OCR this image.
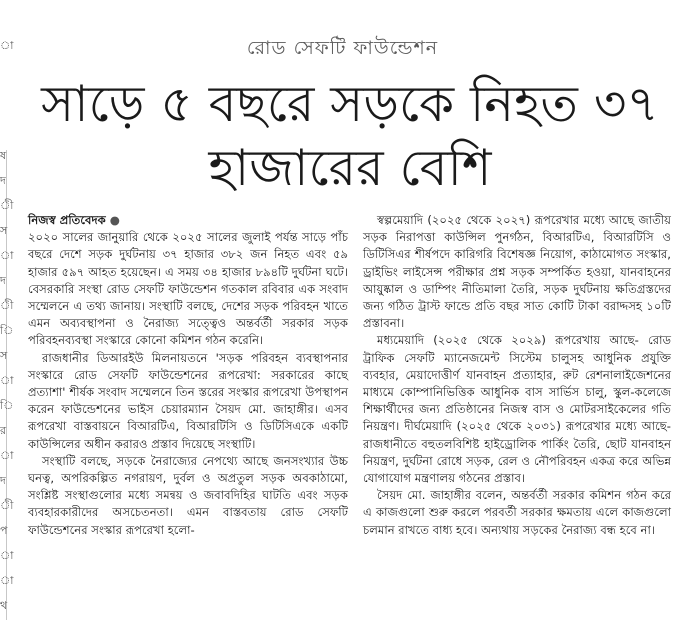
া
ষ
দ
ী
স
া
দ
ী
ি
স
া
ি
র
া
দ
ী
প
া
া
থ
রোড সেফটি ফাউন্ডেশন
সাড়ে ৫ বছরে সড়কে নিহত ৩৭ হাজারের বেশি
নিজস্ব প্রতিবেদক ●

২০২০ সালের জানুয়ারি থেকে ২০২৫ সালের জুলাই পর্যন্ত সাড়ে পাঁচ বছরে দেশে সড়ক দুর্ঘটনায় ৩৭ হাজার ৩৮২ জন নিহত এবং ৫৯ হাজার ৫৯৭ আহত হয়েছেন। এ সময় ৩৪ হাজার ৮৯৪টি দুর্ঘটনা ঘটে। বেসরকারি সংস্থা রোড সেফটি ফাউন্ডেশন গতকাল রবিবার এক সংবাদ সম্মেলনে এ তথ্য জানায়। সংস্থাটি বলছে, দেশের সড়ক পরিবহন খাতে এমন অব্যবস্থাপনা ও নৈরাজ্য সত্ত্বেও অন্তর্বর্তী সরকার সড়ক পরিবহনব্যবস্থা সংস্কারে কোনো কমিশন গঠন করেনি।

রাজধানীর ডিআরইউ মিলনায়তনে 'সড়ক পরিবহন ব্যবস্থাপনার সংস্কারে রোড সেফটি ফাউন্ডেশনের রূপরেখা: সরকারের কাছে প্রত্যাশা' শীর্ষক সংবাদ সম্মেলনে তিন স্তরের সংস্কার রূপরেখা উপস্থাপন করেন ফাউন্ডেশনের ভাইস চেয়ারম্যান সৈয়দ মো. জাহাঙ্গীর। এসব রূপরেখা বাস্তবায়নে বিআরটিএ, বিআরটিসি ও ডিটিসিএকে একটি কাউন্সিলের অধীন করারও প্রস্তাব দিয়েছে সংস্থাটি।

সংস্থাটি বলছে, সড়কে নৈরাজ্যের নেপথ্যে আছে জনসংখ্যার উচ্চ ঘনত্ব, অপরিকল্পিত নগরায়ণ, দুর্বল ও অপ্রতুল সড়ক অবকাঠামো, সংশ্লিষ্ট সংস্থাগুলোর মধ্যে সমন্বয় ও জবাবদিহির ঘাটতি এবং সড়ক ব্যবহারকারীদের অসচেতনতা। এমন বাস্তবতায় রোড সেফটি ফাউন্ডেশনের সংস্কার রূপরেখা হলো-

স্বল্পমেয়াদি (২০২৫ থেকে ২০২৭) রূপরেখার মধ্যে আছে জাতীয় সড়ক নিরাপত্তা কাউন্সিল পুনর্গঠন, বিআরটিএ, বিআরটিসি ও ডিটিসিএর শীর্ষপদে কারিগরি বিশেষজ্ঞ নিয়োগ, কাঠামোগত সংস্কার, ড্রাইভিং লাইসেন্স পরীক্ষার প্রশ্ন সড়ক সম্পর্কিত হওয়া, যানবাহনের আয়ুষ্কাল ও ডাম্পিং নীতিমালা তৈরি, সড়ক দুর্ঘটনায় ক্ষতিগ্রস্তদের জন্য গঠিত ট্রাস্ট ফান্ডে প্রতি বছর সাত কোটি টাকা বরাদ্দসহ ১০টি প্রস্তাবনা।

মধ্যমেয়াদি (২০২৫ থেকে ২০২৯) রূপরেখায় আছে- রোড ট্রাফিক সেফটি ম্যানেজমেন্ট সিস্টেম চালুসহ আধুনিক প্রযুক্তি ব্যবহার, মেয়াদোত্তীর্ণ যানবাহন প্রত্যাহার, রুট রেশনালাইজেশনের মাধ্যমে কোম্পানিভিত্তিক আধুনিক বাস সার্ভিস চালু, স্কুল-কলেজে শিক্ষার্থীদের জন্য প্রতিষ্ঠানের নিজস্ব বাস ও মোটরসাইকেলের গতি নিয়ন্ত্রণ। দীর্ঘমেয়াদি (২০২৫ থেকে ২০৩১) রূপরেখার মধ্যে আছে- রাজধানীতে বহুতলবিশিষ্ট হাইড্রোলিক পার্কিং তৈরি, ছোট যানবাহন নিয়ন্ত্রণ, দুর্ঘটনা রোধে সড়ক, রেল ও নৌপরিবহন একত্র করে অভিন্ন যোগাযোগ মন্ত্রণালয় গঠনের প্রস্তাব।

সৈয়দ মো. জাহাঙ্গীর বলেন, অন্তর্বর্তী সরকার কমিশন গঠন করে এ কাজগুলো শুরু করলে পরবর্তী সরকার ক্ষমতায় এলে কাজগুলো চলমান রাখতে বাধ্য হবে। অন্যথায় সড়কের নৈরাজ্য বন্ধ হবে না।
